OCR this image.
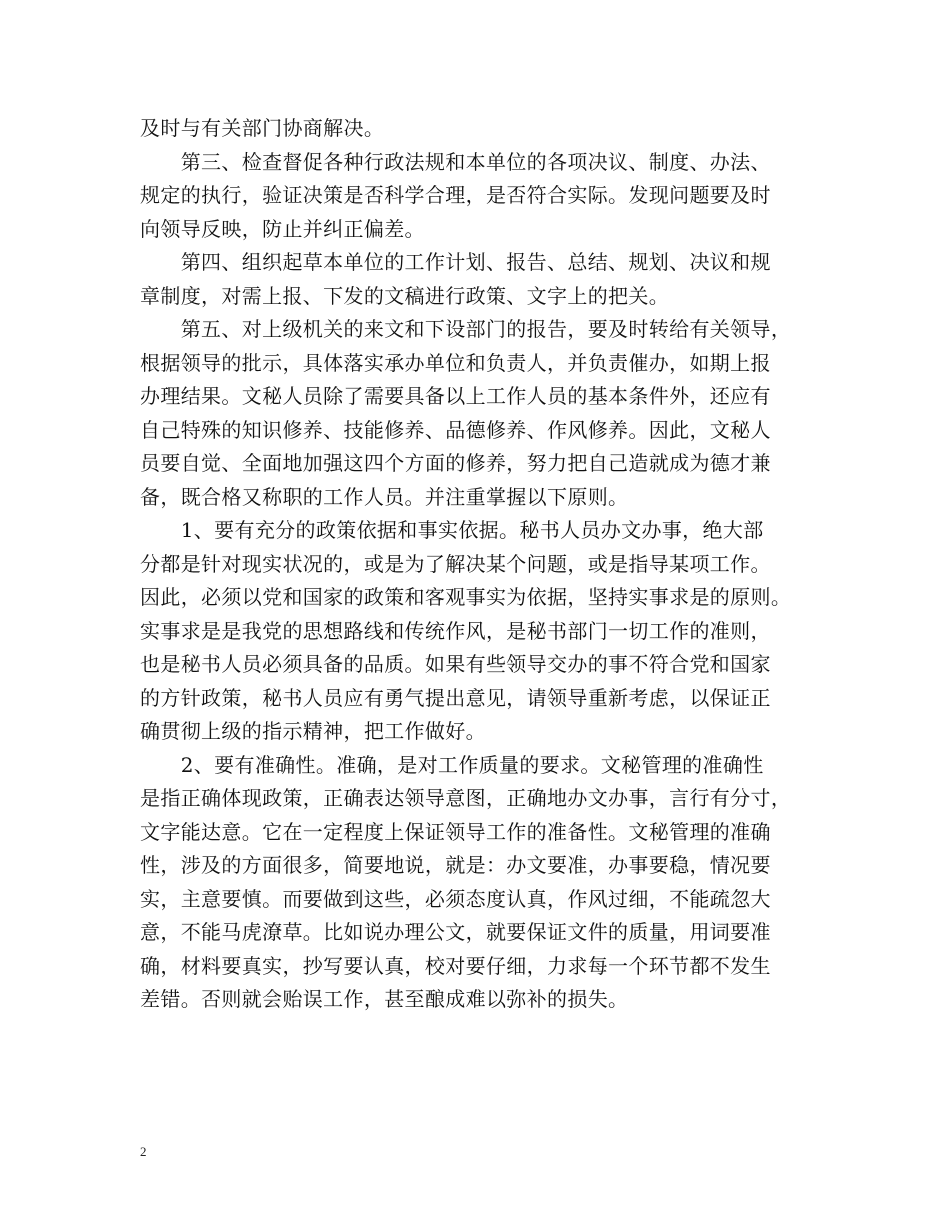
及时与有关部门协商解决。
　　第三、检查督促各种行政法规和本单位的各项决议、制度、办法、
规定的执行，验证决策是否科学合理，是否符合实际。发现问题要及时
向领导反映，防止并纠正偏差。
　　第四、组织起草本单位的工作计划、报告、总结、规划、决议和规
章制度，对需上报、下发的文稿进行政策、文字上的把关。
　　第五、对上级机关的来文和下设部门的报告，要及时转给有关领导，
根据领导的批示，具体落实承办单位和负责人，并负责催办，如期上报
办理结果。文秘人员除了需要具备以上工作人员的基本条件外，还应有
自己特殊的知识修养、技能修养、品德修养、作风修养。因此，文秘人
员要自觉、全面地加强这四个方面的修养，努力把自己造就成为德才兼
备，既合格又称职的工作人员。并注重掌握以下原则。
　　1、要有充分的政策依据和事实依据。秘书人员办文办事，绝大部
分都是针对现实状况的，或是为了解决某个问题，或是指导某项工作。
因此，必须以党和国家的政策和客观事实为依据，坚持实事求是的原则。
实事求是是我党的思想路线和传统作风，是秘书部门一切工作的准则，
也是秘书人员必须具备的品质。如果有些领导交办的事不符合党和国家
的方针政策，秘书人员应有勇气提出意见，请领导重新考虑，以保证正
确贯彻上级的指示精神，把工作做好。
　　2、要有准确性。准确，是对工作质量的要求。文秘管理的准确性
是指正确体现政策，正确表达领导意图，正确地办文办事，言行有分寸，
文字能达意。它在一定程度上保证领导工作的准备性。文秘管理的准确
性，涉及的方面很多，简要地说，就是：办文要准，办事要稳，情况要
实，主意要慎。而要做到这些，必须态度认真，作风过细，不能疏忽大
意，不能马虎潦草。比如说办理公文，就要保证文件的质量，用词要准
确，材料要真实，抄写要认真，校对要仔细，力求每一个环节都不发生
差错。否则就会贻误工作，甚至酿成难以弥补的损失。
2
